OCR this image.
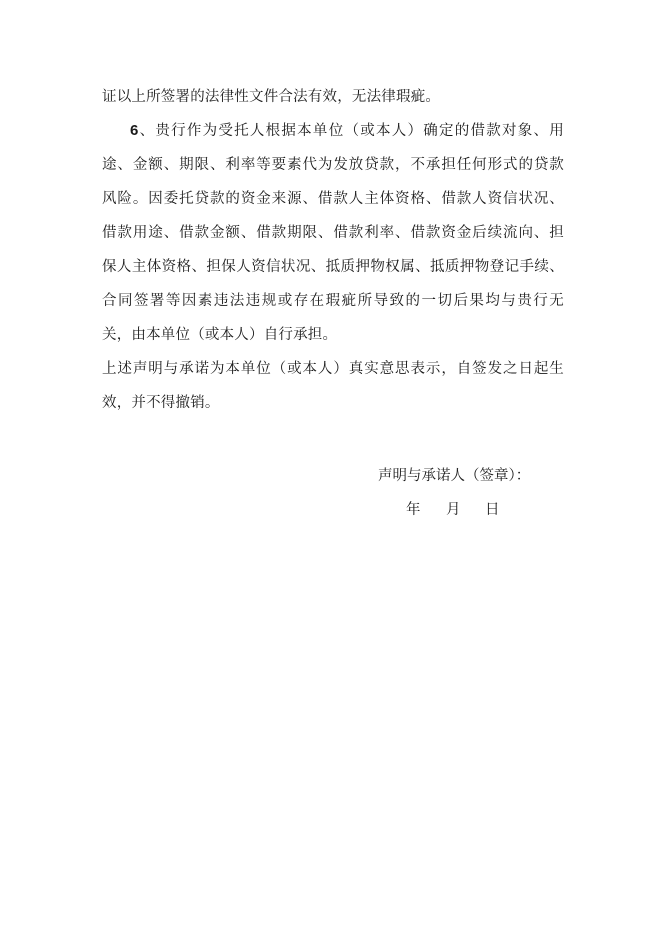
证以上所签署的法律性文件合法有效，无法律瑕疵。
6、贵行作为受托人根据本单位（或本人）确定的借款对象、用
途、金额、期限、利率等要素代为发放贷款，不承担任何形式的贷款
风险。因委托贷款的资金来源、借款人主体资格、借款人资信状况、
借款用途、借款金额、借款期限、借款利率、借款资金后续流向、担
保人主体资格、担保人资信状况、抵质押物权属、抵质押物登记手续、
合同签署等因素违法违规或存在瑕疵所导致的一切后果均与贵行无
关，由本单位（或本人）自行承担。
上述声明与承诺为本单位（或本人）真实意思表示，自签发之日起生
效，并不得撤销。
声明与承诺人（签章）：
年 月 日
